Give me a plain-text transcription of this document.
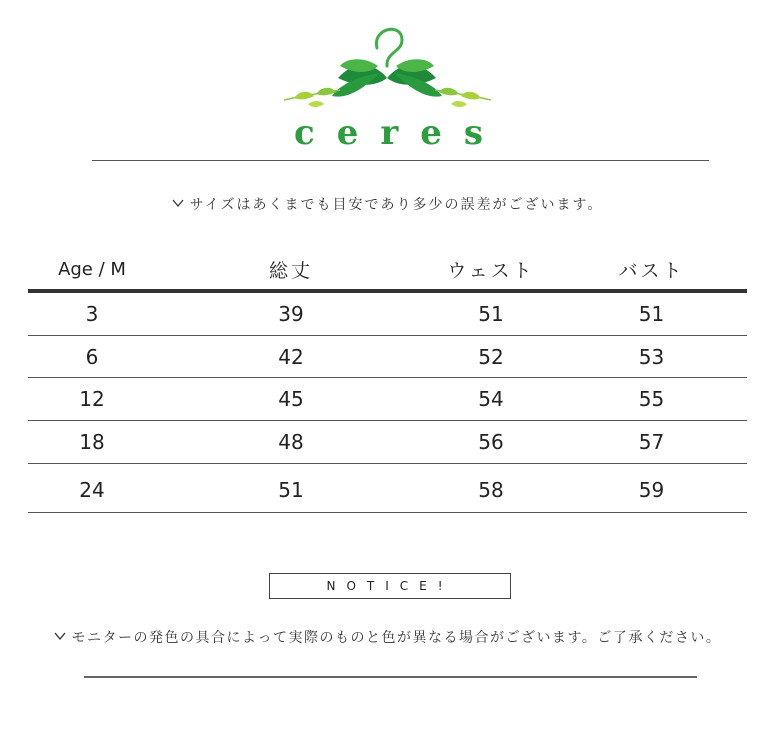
ceres
サイズはあくまでも目安であり多少の誤差がございます。
Age / M	総丈	ウェスト	バスト
3	39	51	51
6	42	52	53
12	45	54	55
18	48	56	57
24	51	58	59
NOTICE!
モニターの発色の具合によって実際のものと色が異なる場合がございます。ご了承ください。
